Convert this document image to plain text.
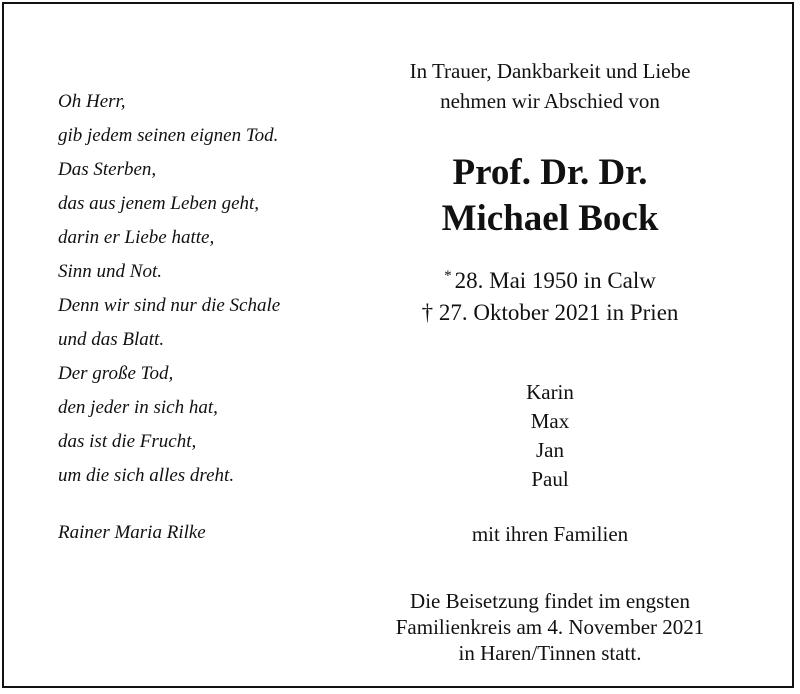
Oh Herr,
gib jedem seinen eignen Tod.
Das Sterben,
das aus jenem Leben geht,
darin er Liebe hatte,
Sinn und Not.
Denn wir sind nur die Schale
und das Blatt.
Der große Tod,
den jeder in sich hat,
das ist die Frucht,
um die sich alles dreht.
Rainer Maria Rilke
In Trauer, Dankbarkeit und Liebe
nehmen wir Abschied von
Prof. Dr. Dr.
Michael Bock
* 28. Mai 1950 in Calw
† 27. Oktober 2021 in Prien
Karin
Max
Jan
Paul
mit ihren Familien
Die Beisetzung findet im engsten
Familienkreis am 4. November 2021
in Haren/Tinnen statt.
